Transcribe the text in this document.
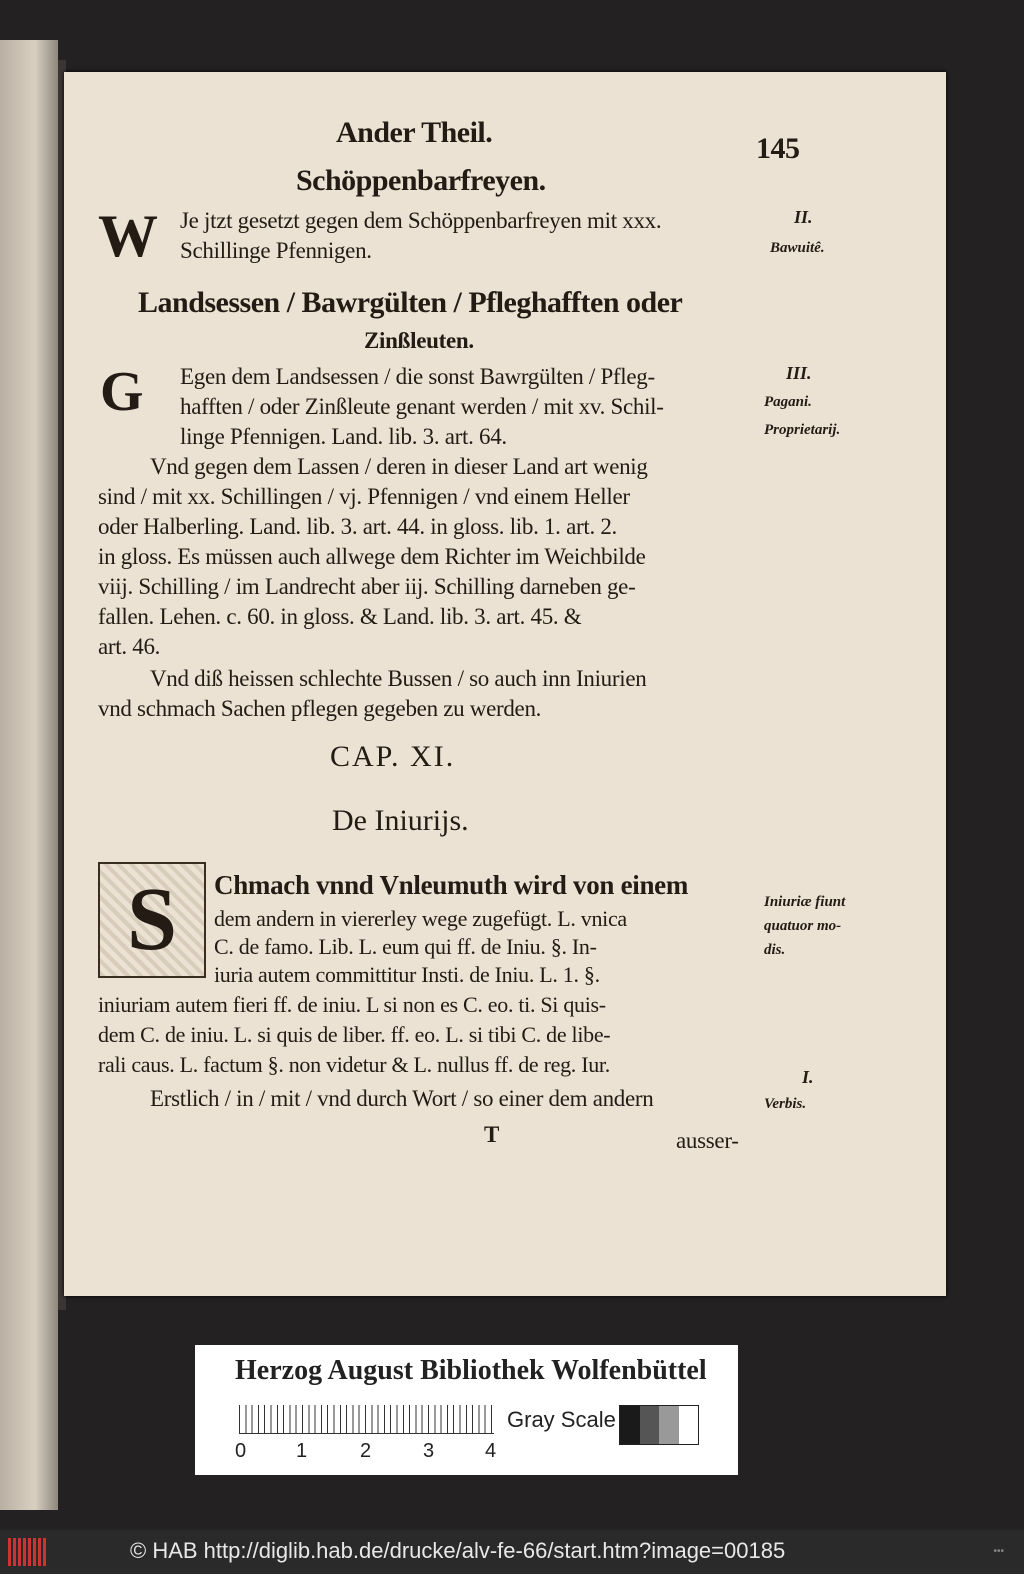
Ander Theil.	145
Schöppenbarfreyen.
W Je jtzt gesetzt gegen dem Schöppenbarfreyen mit xxx.
Schillinge Pfennigen.
II.
Bawuitê.
Landsessen / Bawrgülten / Pfleghafften oder
Zinßleuten.
G Egen dem Landsessen / die sonst Bawrgülten / Pfleg-
hafften / oder Zinßleute genant werden / mit xv. Schil-
linge Pfennigen. Land. lib. 3. art. 64.
Vnd gegen dem Lassen / deren in dieser Land art wenig
sind / mit xx. Schillingen / vj. Pfennigen / vnd einem Heller
oder Halberling. Land. lib. 3. art. 44. in gloss. lib. 1. art. 2.
in gloss. Es müssen auch allwege dem Richter im Weichbilde
viij. Schilling / im Landrecht aber iij. Schilling darneben ge-
fallen. Lehen. c. 60. in gloss. & Land. lib. 3. art. 45. &
art. 46.
Vnd diß heissen schlechte Bussen / so auch inn Iniurien
vnd schmach Sachen pflegen gegeben zu werden.
III.
Pagani.
Proprietarij.
CAP. XI.
De Iniurijs.
S	Chmach vnnd Vnleumuth wird von einem
dem andern in viererley wege zugefügt. L. vnica
C. de famo. Lib. L. eum qui ff. de Iniu. §. In-
iuria autem committitur Insti. de Iniu. L. 1. §.
iniuriam autem fieri ff. de iniu. L si non es C. eo. ti. Si quis-
dem C. de iniu. L. si quis de liber. ff. eo. L. si tibi C. de libe-
rali caus. L. factum §. non videtur & L. nullus ff. de reg. Iur.
Erstlich / in / mit / vnd durch Wort / so einer dem andern
Iniuriæ fiunt
quatuor mo-
dis.
I.
Verbis.
T	ausser-
Herzog August Bibliothek Wolfenbüttel
0 1	2	3	4
Gray Scale
© HAB http://diglib.hab.de/drucke/alv-fe-66/start.htm?image=00185	•••
